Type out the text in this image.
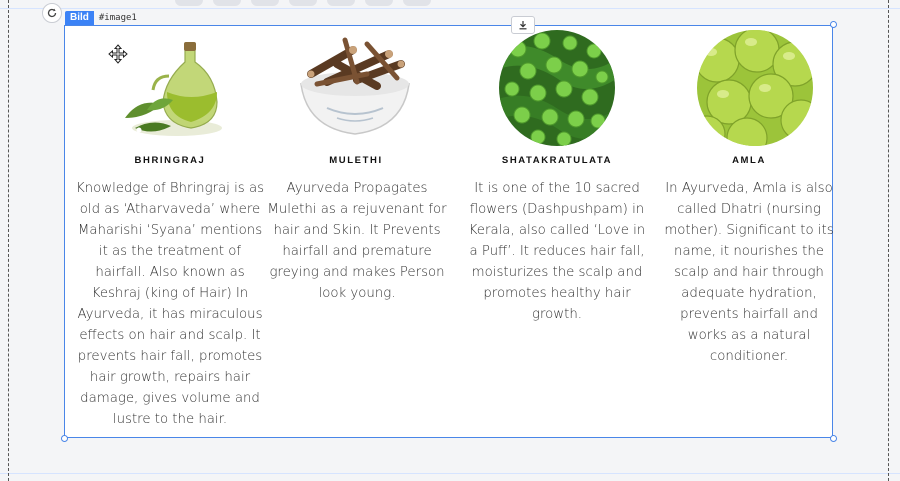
Bild	#image1
BHRINGRAJ
Knowledge of Bhringraj is as old as ‘Atharvaveda’ where Maharishi ‘Syana’ mentions it as the treatment of hairfall. Also known as Keshraj (king of Hair) In Ayurveda, it has miraculous effects on hair and scalp. It prevents hair fall, promotes hair growth, repairs hair damage, gives volume and lustre to the hair.
MULETHI
Ayurveda Propagates Mulethi as a rejuvenant for hair and Skin. It Prevents hairfall and premature greying and makes Person look young.
SHATAKRATULATA
It is one of the 10 sacred flowers (Dashpushpam) in Kerala, also called ‘Love in a Puff’. It reduces hair fall, moisturizes the scalp and promotes healthy hair growth.
AMLA
In Ayurveda, Amla is also called Dhatri (nursing mother). Significant to its name, it nourishes the scalp and hair through adequate hydration, prevents hairfall and works as a natural conditioner.
